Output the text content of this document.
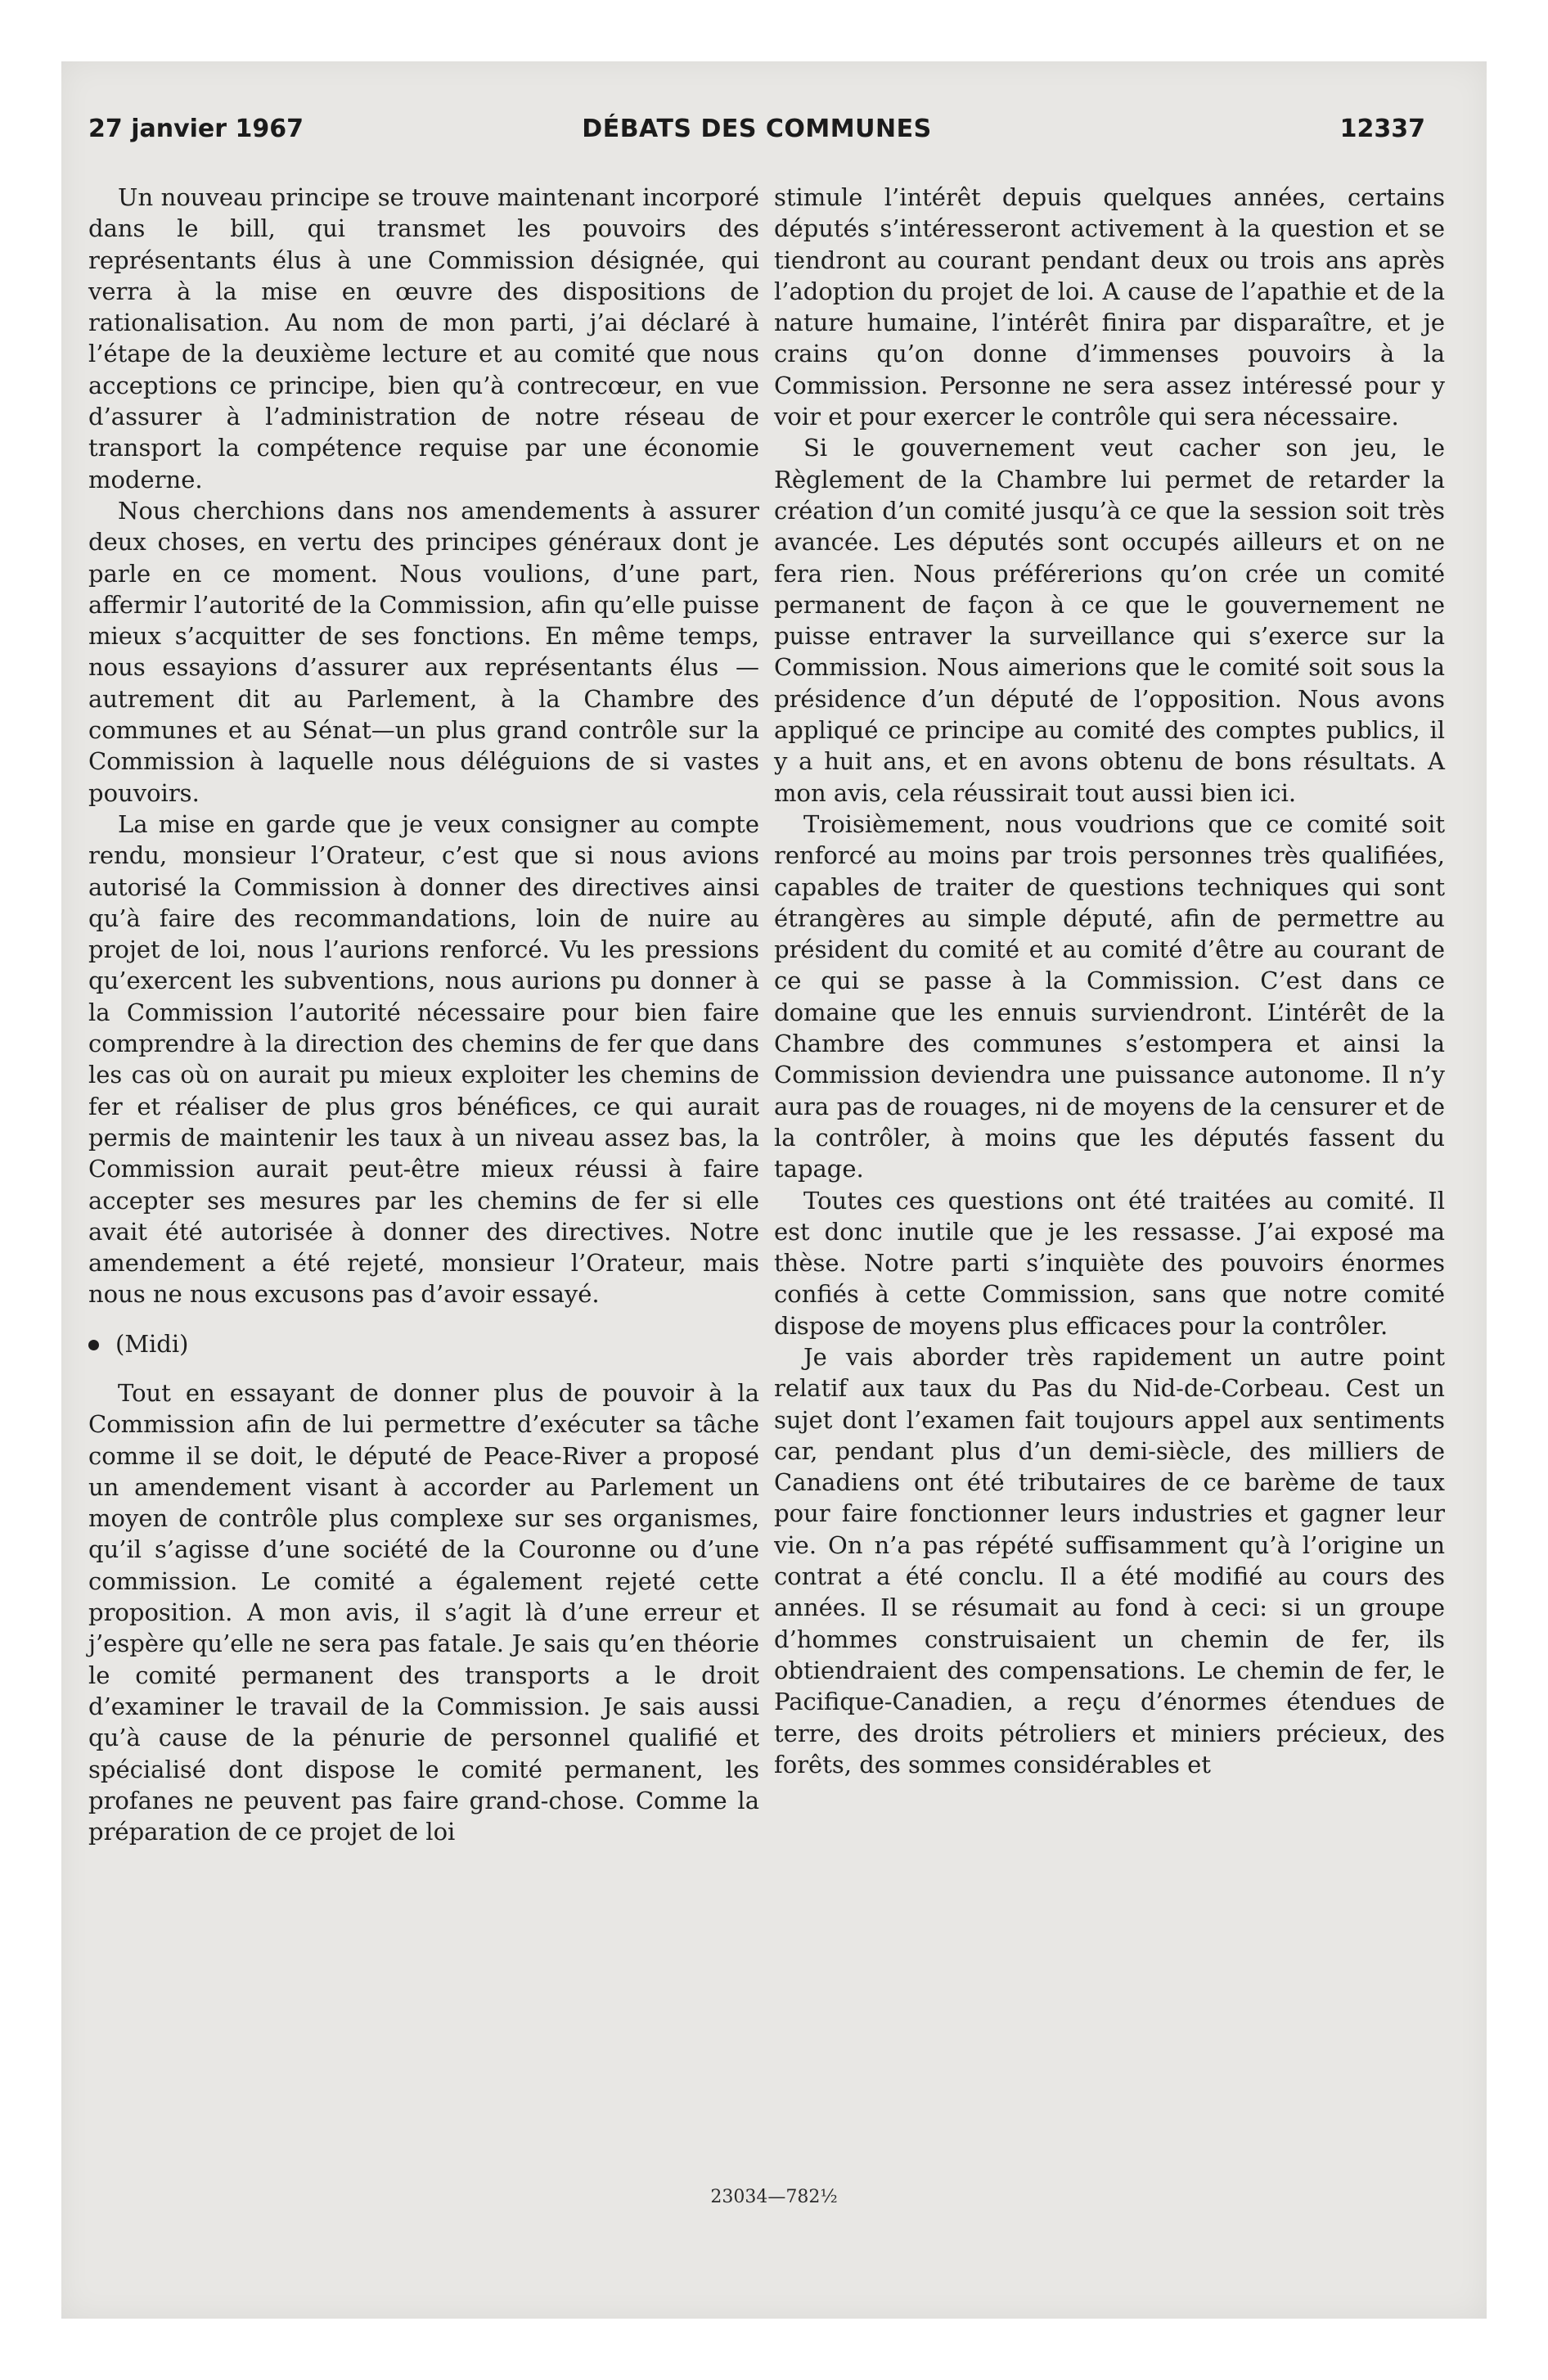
27 janvier 1967	DÉBATS DES COMMUNES	12337

Un nouveau principe se trouve maintenant incorporé dans le bill, qui transmet les pouvoirs des représentants élus à une Commission désignée, qui verra à la mise en œuvre des dispositions de rationalisation. Au nom de mon parti, j’ai déclaré à l’étape de la deuxième lecture et au comité que nous acceptions ce principe, bien qu’à contrecœur, en vue d’assurer à l’administration de notre réseau de transport la compétence requise par une économie moderne.

Nous cherchions dans nos amendements à assurer deux choses, en vertu des principes généraux dont je parle en ce moment. Nous voulions, d’une part, affermir l’autorité de la Commission, afin qu’elle puisse mieux s’acquitter de ses fonctions. En même temps, nous essayions d’assurer aux représentants élus —autrement dit au Parlement, à la Chambre des communes et au Sénat—un plus grand contrôle sur la Commission à laquelle nous déléguions de si vastes pouvoirs.

La mise en garde que je veux consigner au compte rendu, monsieur l’Orateur, c’est que si nous avions autorisé la Commission à donner des directives ainsi qu’à faire des recommandations, loin de nuire au projet de loi, nous l’aurions renforcé. Vu les pressions qu’exercent les subventions, nous aurions pu donner à la Commission l’autorité nécessaire pour bien faire comprendre à la direction des chemins de fer que dans les cas où on aurait pu mieux exploiter les chemins de fer et réaliser de plus gros bénéfices, ce qui aurait permis de maintenir les taux à un niveau assez bas, la Commission aurait peut-être mieux réussi à faire accepter ses mesures par les chemins de fer si elle avait été autorisée à donner des directives. Notre amendement a été rejeté, monsieur l’Orateur, mais nous ne nous excusons pas d’avoir essayé.

(Midi)

Tout en essayant de donner plus de pouvoir à la Commission afin de lui permettre d’exécuter sa tâche comme il se doit, le député de Peace-River a proposé un amendement visant à accorder au Parlement un moyen de contrôle plus complexe sur ses organismes, qu’il s’agisse d’une société de la Couronne ou d’une commission. Le comité a également rejeté cette proposition. A mon avis, il s’agit là d’une erreur et j’espère qu’elle ne sera pas fatale. Je sais qu’en théorie le comité permanent des transports a le droit d’examiner le travail de la Commission. Je sais aussi qu’à cause de la pénurie de personnel qualifié et spécialisé dont dispose le comité permanent, les profanes ne peuvent pas faire grand-chose. Comme la préparation de ce projet de loi

stimule l’intérêt depuis quelques années, certains députés s’intéresseront activement à la question et se tiendront au courant pendant deux ou trois ans après l’adoption du projet de loi. A cause de l’apathie et de la nature humaine, l’intérêt finira par disparaître, et je crains qu’on donne d’immenses pouvoirs à la Commission. Personne ne sera assez intéressé pour y voir et pour exercer le contrôle qui sera nécessaire.

Si le gouvernement veut cacher son jeu, le Règlement de la Chambre lui permet de retarder la création d’un comité jusqu’à ce que la session soit très avancée. Les députés sont occupés ailleurs et on ne fera rien. Nous préférerions qu’on crée un comité permanent de façon à ce que le gouvernement ne puisse entraver la surveillance qui s’exerce sur la Commission. Nous aimerions que le comité soit sous la présidence d’un député de l’opposition. Nous avons appliqué ce principe au comité des comptes publics, il y a huit ans, et en avons obtenu de bons résultats. A mon avis, cela réussirait tout aussi bien ici.

Troisièmement, nous voudrions que ce comité soit renforcé au moins par trois personnes très qualifiées, capables de traiter de questions techniques qui sont étrangères au simple député, afin de permettre au président du comité et au comité d’être au courant de ce qui se passe à la Commission. C’est dans ce domaine que les ennuis surviendront. L’intérêt de la Chambre des communes s’estompera et ainsi la Commission deviendra une puissance autonome. Il n’y aura pas de rouages, ni de moyens de la censurer et de la contrôler, à moins que les députés fassent du tapage.

Toutes ces questions ont été traitées au comité. Il est donc inutile que je les ressasse. J’ai exposé ma thèse. Notre parti s’inquiète des pouvoirs énormes confiés à cette Commission, sans que notre comité dispose de moyens plus efficaces pour la contrôler.

Je vais aborder très rapidement un autre point relatif aux taux du Pas du Nid-de-Corbeau. Cest un sujet dont l’examen fait toujours appel aux sentiments car, pendant plus d’un demi-siècle, des milliers de Canadiens ont été tributaires de ce barème de taux pour faire fonctionner leurs industries et gagner leur vie. On n’a pas répété suffisamment qu’à l’origine un contrat a été conclu. Il a été modifié au cours des années. Il se résumait au fond à ceci: si un groupe d’hommes construisaient un chemin de fer, ils obtiendraient des compensations. Le chemin de fer, le Pacifique-Canadien, a reçu d’énormes étendues de terre, des droits pétroliers et miniers précieux, des forêts, des sommes considérables et

23034—782½
